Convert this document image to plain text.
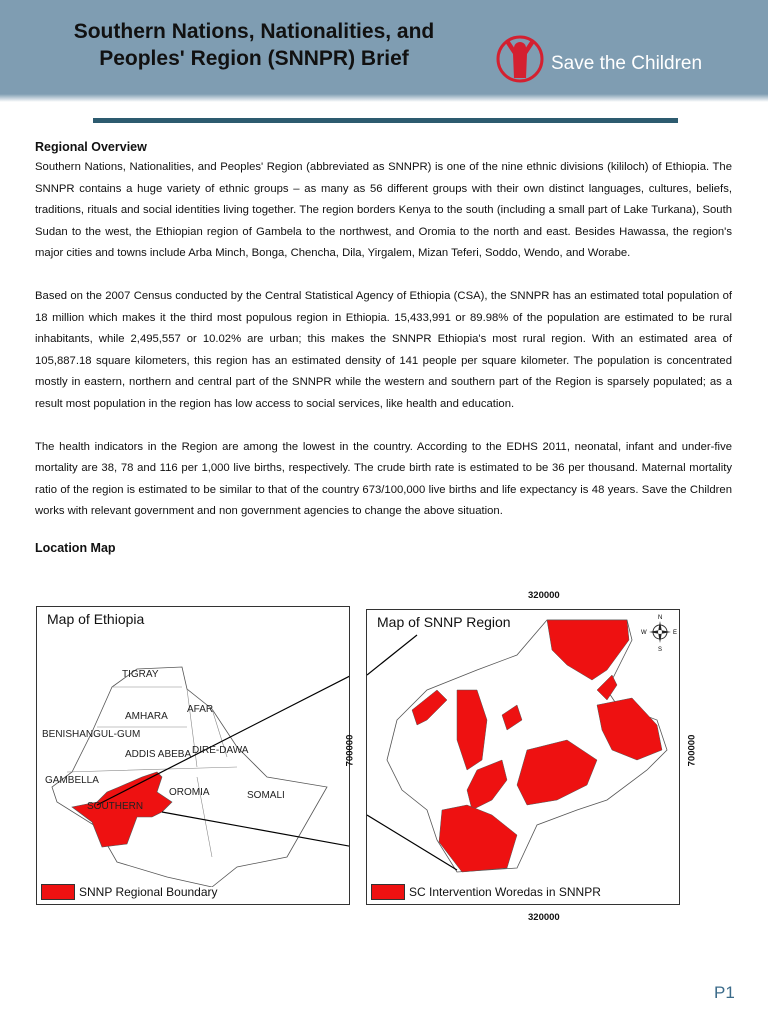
Southern Nations, Nationalities, and
Peoples' Region (SNNPR) Brief	Save the Children
Regional Overview

Southern Nations, Nationalities, and Peoples' Region (abbreviated as SNNPR) is one of the nine ethnic divisions (kililoch) of Ethiopia. The SNNPR contains a huge variety of ethnic groups – as many as 56 different groups with their own distinct languages, cultures, beliefs, traditions, rituals and social identities living together. The region borders Kenya to the south (including a small part of Lake Turkana), South Sudan to the west, the Ethiopian region of Gambela to the northwest, and Oromia to the north and east. Besides Hawassa, the region's major cities and towns include Arba Minch, Bonga, Chencha, Dila, Yirgalem, Mizan Teferi, Soddo, Wendo, and Worabe.

Based on the 2007 Census conducted by the Central Statistical Agency of Ethiopia (CSA), the SNNPR has an estimated total population of 18 million which makes it the third most populous region in Ethiopia. 15,433,991 or 89.98% of the population are estimated to be rural inhabitants, while 2,495,557 or 10.02% are urban; this makes the SNNPR Ethiopia's most rural region. With an estimated area of 105,887.18 square kilometers, this region has an estimated density of 141 people per square kilometer. The population is concentrated mostly in eastern, northern and central part of the SNNPR while the western and southern part of the Region is sparsely populated; as a result most population in the region has low access to social services, like health and education.

The health indicators in the Region are among the lowest in the country. According to the EDHS 2011, neonatal, infant and under-five mortality are 38, 78 and 116 per 1,000 live births, respectively. The crude birth rate is estimated to be 36 per thousand. Maternal mortality ratio of the region is estimated to be similar to that of the country 673/100,000 live births and life expectancy is 48 years. Save the Children works with relevant government and non government agencies to change the above situation.

Location Map
Map of Ethiopia
TIGRAY
AFAR
AMHARA
BENISHANGUL-GUM
DIRE-DAWA
ADDIS ABEBA
GAMBELLA
OROMIA	SOMALI
SOUTHERN
SNNP Regional Boundary
320000
320000
700000	700000
Map of SNNP Region	N
S
E
W
SC Intervention Woredas in SNNPR
P1
